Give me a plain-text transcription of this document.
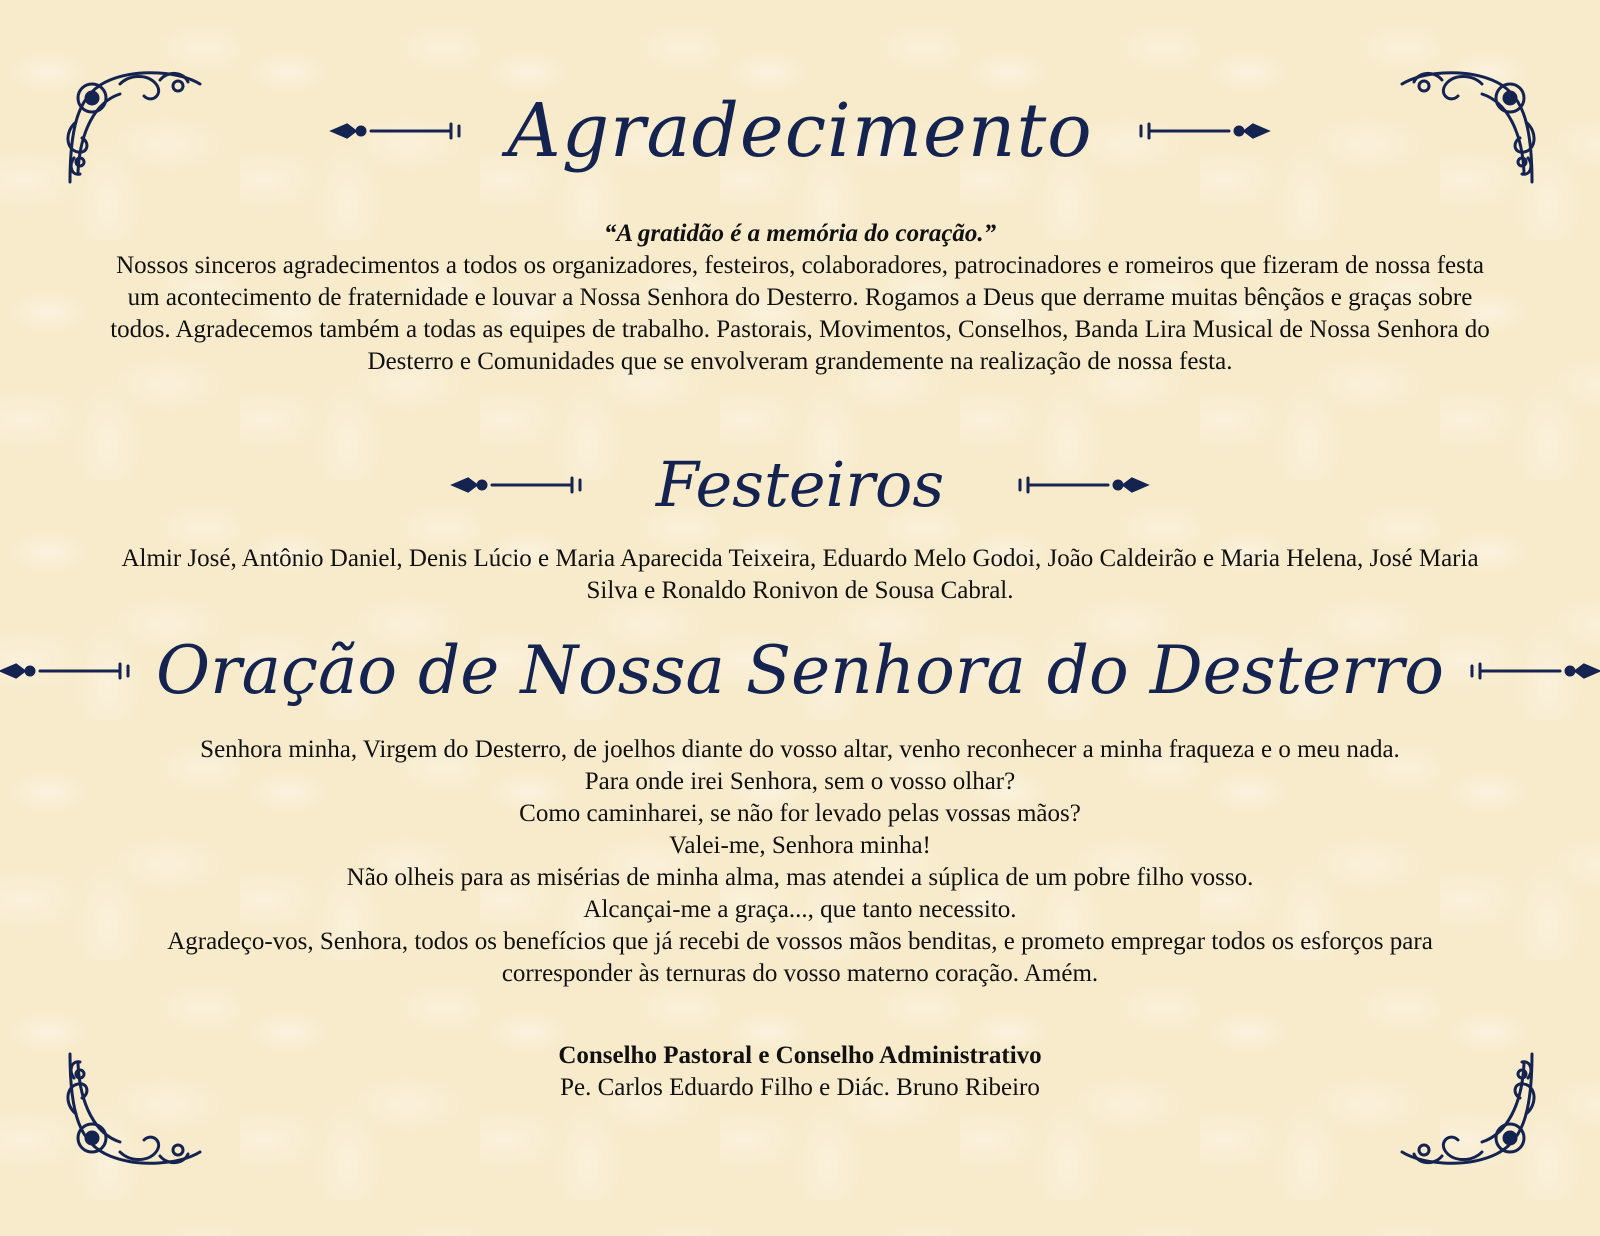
Agradecimento
“A gratidão é a memória do coração.”
Nossos sinceros agradecimentos a todos os organizadores, festeiros, colaboradores, patrocinadores e romeiros que fizeram de nossa festa um acontecimento de fraternidade e louvar a Nossa Senhora do Desterro. Rogamos a Deus que derrame muitas bênçãos e graças sobre todos. Agradecemos também a todas as equipes de trabalho. Pastorais, Movimentos, Conselhos, Banda Lira Musical de Nossa Senhora do Desterro e Comunidades que se envolveram grandemente na realização de nossa festa.
Festeiros
Almir José, Antônio Daniel, Denis Lúcio e Maria Aparecida Teixeira, Eduardo Melo Godoi, João Caldeirão e Maria Helena, José Maria Silva e Ronaldo Ronivon de Sousa Cabral.
Oração de Nossa Senhora do Desterro

Senhora minha, Virgem do Desterro, de joelhos diante do vosso altar, venho reconhecer a minha fraqueza e o meu nada.

Para onde irei Senhora, sem o vosso olhar?

Como caminharei, se não for levado pelas vossas mãos?

Valei-me, Senhora minha!

Não olheis para as misérias de minha alma, mas atendei a súplica de um pobre filho vosso.

Alcançai-me a graça..., que tanto necessito.

Agradeço-vos, Senhora, todos os benefícios que já recebi de vossos mãos benditas, e prometo empregar todos os esforços para corresponder às ternuras do vosso materno coração. Amém.

Conselho Pastoral e Conselho Administrativo
Pe. Carlos Eduardo Filho e Diác. Bruno Ribeiro
